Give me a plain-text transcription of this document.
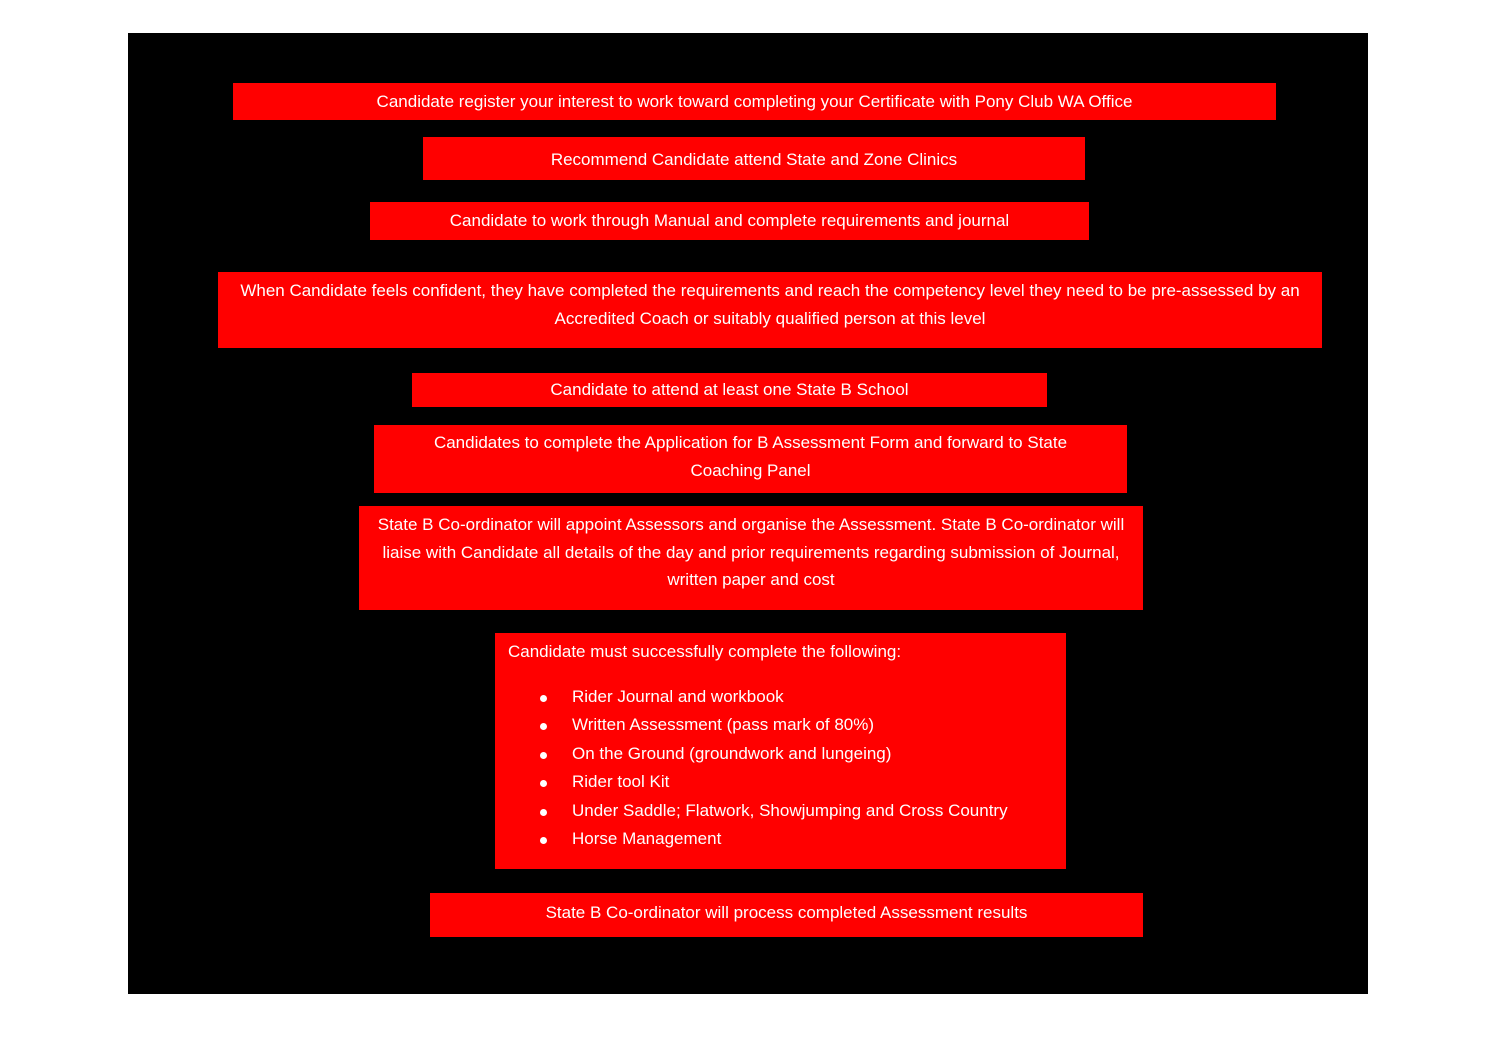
Candidate register your interest to work toward completing your Certificate with Pony Club WA Office
Recommend Candidate attend State and Zone Clinics
Candidate to work through Manual and complete requirements and journal
When Candidate feels confident, they have completed the requirements and reach the competency level they need to be pre-assessed by an Accredited Coach or suitably qualified person at this level
Candidate to attend at least one State B School
Candidates to complete the Application for B Assessment Form and forward to State Coaching Panel
State B Co-ordinator will appoint Assessors and organise the Assessment. State B Co-ordinator will liaise with Candidate all details of the day and prior requirements regarding submission of Journal, written paper and cost
Candidate must successfully complete the following:
Rider Journal and workbook
Written Assessment (pass mark of 80%)
On the Ground (groundwork and lungeing)
Rider tool Kit
Under Saddle; Flatwork, Showjumping and Cross Country
Horse Management
State B Co-ordinator will process completed Assessment results
